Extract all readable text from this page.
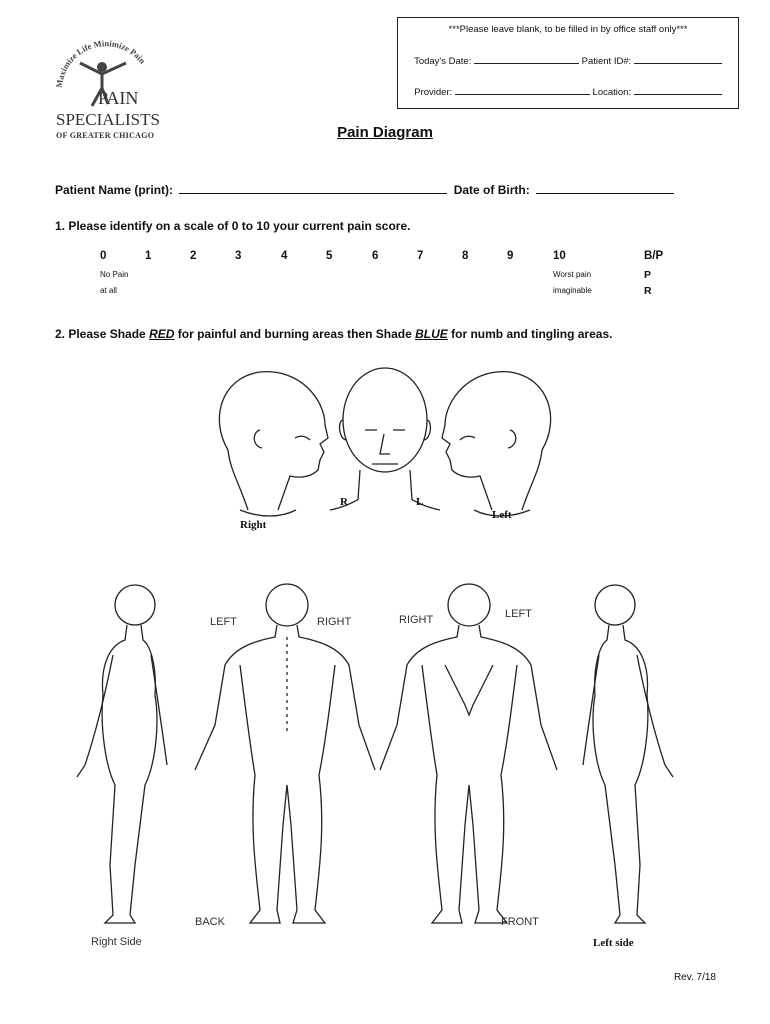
***Please leave blank, to be filled in by office staff only***
Today's Date:	Patient ID#:
Provider:	Location:
Maximize Life Minimize Pain
PAIN
SPECIALISTS
OF GREATER CHICAGO	Pain Diagram
Patient Name (print):	Date of Birth:
1. Please identify on a scale of 0 to 10 your current pain score.
0	1	2	3	4	5	6	7	8	9	10	B/P
No Pain
at all
Worst pain
imaginable
P
R
2. Please Shade RED for painful and burning areas then Shade BLUE for numb and tingling areas.
Right
Left
R	L
LEFT	RIGHT	RIGHT	LEFT
BACK	FRONT
Right Side	Left side
Rev. 7/18
